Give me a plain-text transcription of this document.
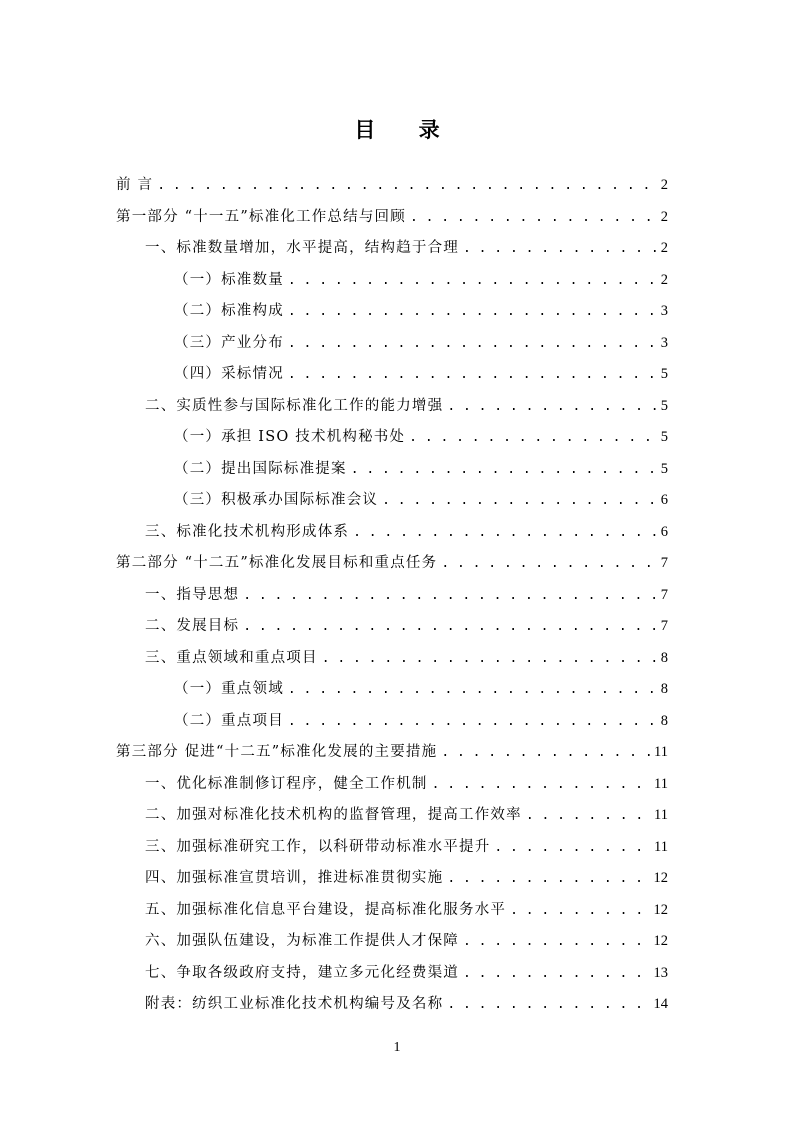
目 录
前 言 . . .	2
第一部分 “十一五”标准化工作总结与回顾 . . .	2
一、标准数量增加，水平提高，结构趋于合理 . . .	2
（一）标准数量 . . .	2
（二）标准构成 . . .	3
（三）产业分布 . . .	3
（四）采标情况 . . .	5
二、实质性参与国际标准化工作的能力增强 . . .	5
（一）承担 ISO 技术机构秘书处 . . .	5
（二）提出国际标准提案 . . .	5
（三）积极承办国际标准会议 . . .	6
三、标准化技术机构形成体系 . . .	6
第二部分 “十二五”标准化发展目标和重点任务 . . .	7
一、指导思想 . . .	7
二、发展目标 . . .	7
三、重点领域和重点项目 . . .	8
（一）重点领域 . . .	8
（二）重点项目 . . .	8
第三部分 促进“十二五”标准化发展的主要措施 . . .	11
一、优化标准制修订程序，健全工作机制 . . .	11
二、加强对标准化技术机构的监督管理，提高工作效率 . . .	11
三、加强标准研究工作，以科研带动标准水平提升 . . .	11
四、加强标准宣贯培训，推进标准贯彻实施 . . .	12
五、加强标准化信息平台建设，提高标准化服务水平 . . .	12
六、加强队伍建设，为标准工作提供人才保障 . . .	12
七、争取各级政府支持，建立多元化经费渠道 . . .	13
附表：纺织工业标准化技术机构编号及名称 . . .	14
1
